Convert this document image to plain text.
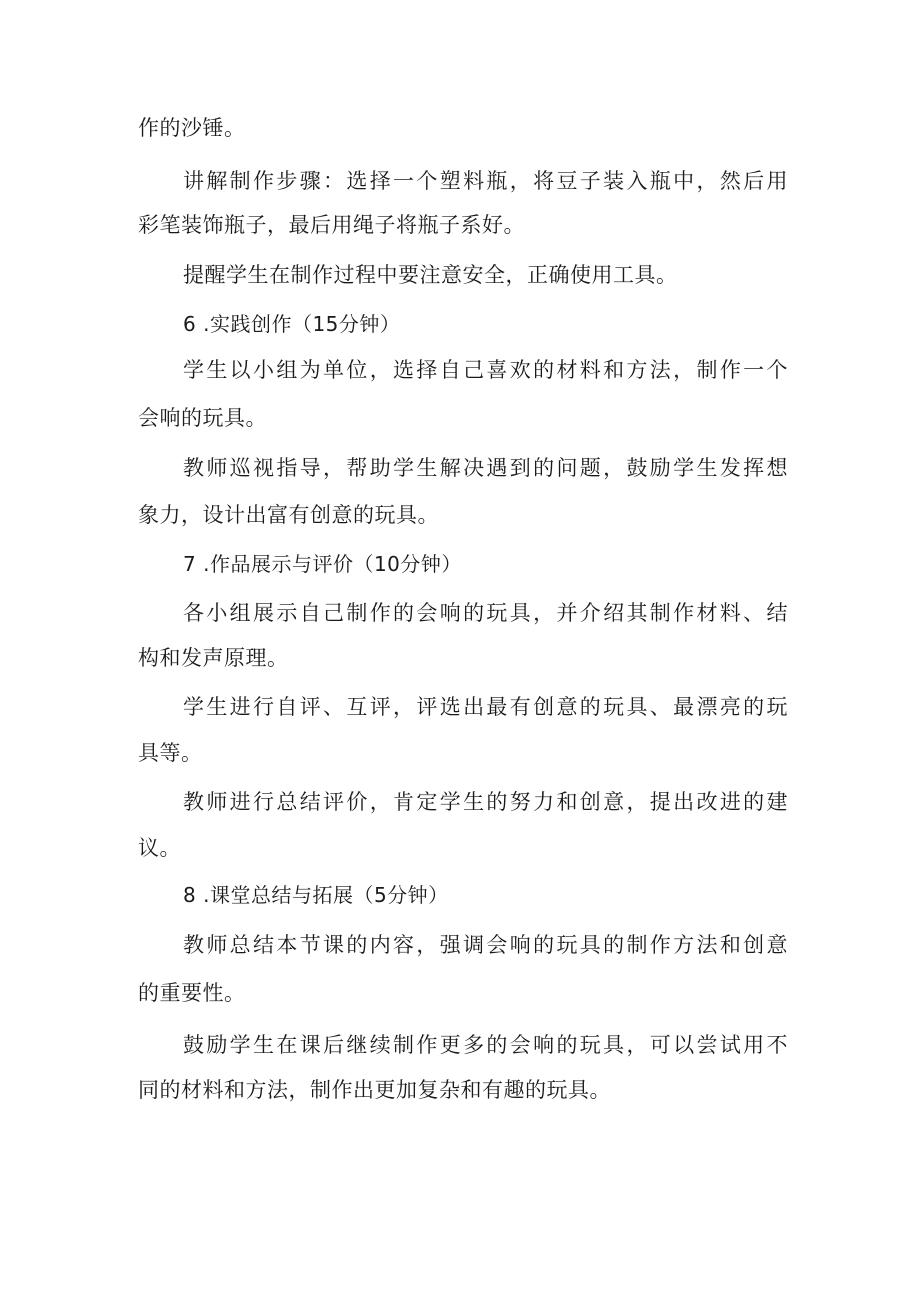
作的沙锤。
讲解制作步骤：选择一个塑料瓶，将豆子装入瓶中，然后用
彩笔装饰瓶子，最后用绳子将瓶子系好。
提醒学生在制作过程中要注意安全，正确使用工具。
6 .实践创作（15分钟）
学生以小组为单位，选择自己喜欢的材料和方法，制作一个
会响的玩具。
教师巡视指导，帮助学生解决遇到的问题，鼓励学生发挥想
象力，设计出富有创意的玩具。
7 .作品展示与评价（10分钟）
各小组展示自己制作的会响的玩具，并介绍其制作材料、结
构和发声原理。
学生进行自评、互评，评选出最有创意的玩具、最漂亮的玩
具等。
教师进行总结评价，肯定学生的努力和创意，提出改进的建
议。
8 .课堂总结与拓展（5分钟）
教师总结本节课的内容，强调会响的玩具的制作方法和创意
的重要性。
鼓励学生在课后继续制作更多的会响的玩具，可以尝试用不
同的材料和方法，制作出更加复杂和有趣的玩具。
